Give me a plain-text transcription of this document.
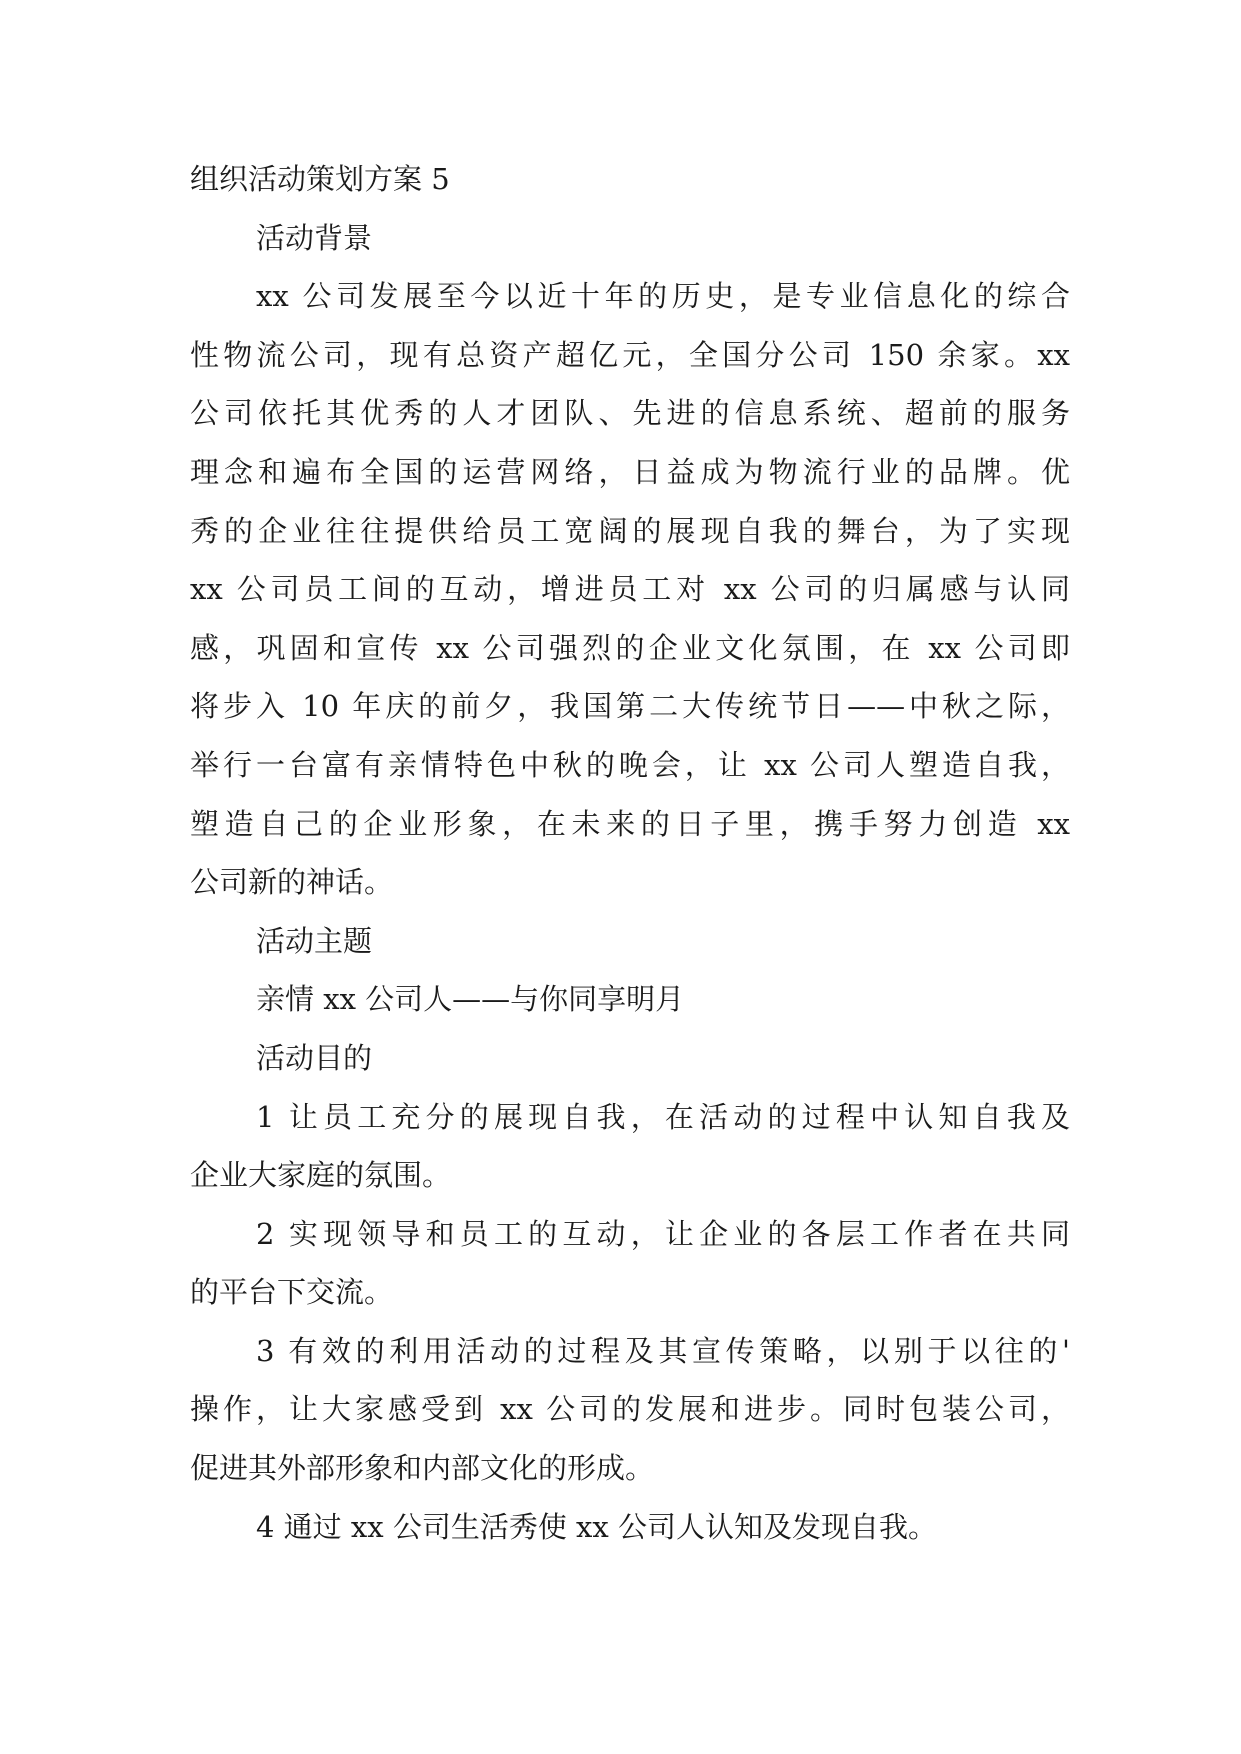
组织活动策划方案 5
活动背景
xx 公司发展至今以近十年的历史，是专业信息化的综合
性物流公司，现有总资产超亿元，全国分公司 150 余家。xx
公司依托其优秀的人才团队、先进的信息系统、超前的服务
理念和遍布全国的运营网络，日益成为物流行业的品牌。优
秀的企业往往提供给员工宽阔的展现自我的舞台，为了实现
xx 公司员工间的互动，增进员工对 xx 公司的归属感与认同
感，巩固和宣传 xx 公司强烈的企业文化氛围，在 xx 公司即
将步入 10 年庆的前夕，我国第二大传统节日——中秋之际，
举行一台富有亲情特色中秋的晚会，让 xx 公司人塑造自我，
塑造自己的企业形象，在未来的日子里，携手努力创造 xx
公司新的神话。
活动主题
亲情 xx 公司人——与你同享明月
活动目的
1 让员工充分的展现自我，在活动的过程中认知自我及
企业大家庭的氛围。
2 实现领导和员工的互动，让企业的各层工作者在共同
的平台下交流。
3 有效的利用活动的过程及其宣传策略，以别于以往的'
操作，让大家感受到 xx 公司的发展和进步。同时包装公司，
促进其外部形象和内部文化的形成。
4 通过 xx 公司生活秀使 xx 公司人认知及发现自我。
